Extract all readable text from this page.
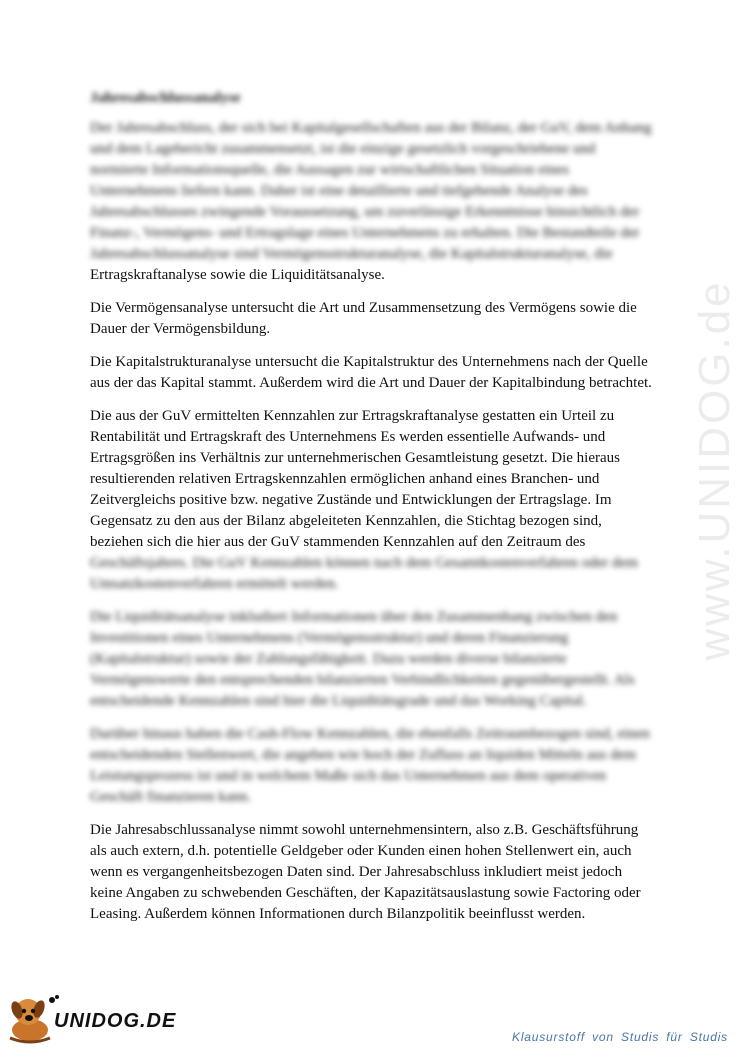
www.UNIDOG.de
Jahresabschlussanalyse
Der Jahresabschluss, der sich bei Kapitalgesellschaften aus der Bilanz, der GuV, dem Anhang und dem Lagebericht zusammensetzt, ist die einzige gesetzlich vorgeschriebene und normierte Informationsquelle, die Aussagen zur wirtschaftlichen Situation eines Unternehmens liefern kann. Daher ist eine detaillierte und tiefgehende Analyse des Jahresabschlusses zwingende Voraussetzung, um zuverlässige Erkenntnisse hinsichtlich der Finanz-, Vermögens- und Ertragslage eines Unternehmens zu erhalten. Die Bestandteile der Jahresabschlussanalyse sind Vermögensstrukturanalyse, die Kapitalstrukturanalyse, die
Ertragskraftanalyse sowie die Liquiditätsanalyse.
Die Vermögensanalyse untersucht die Art und Zusammensetzung des Vermögens sowie die Dauer der Vermögensbildung.
Die Kapitalstrukturanalyse untersucht die Kapitalstruktur des Unternehmens nach der Quelle aus der das Kapital stammt. Außerdem wird die Art und Dauer der Kapitalbindung betrachtet.
Die aus der GuV ermittelten Kennzahlen zur Ertragskraftanalyse gestatten ein Urteil zu Rentabilität und Ertragskraft des Unternehmens Es werden essentielle Aufwands- und Ertragsgrößen ins Verhältnis zur unternehmerischen Gesamtleistung gesetzt. Die hieraus resultierenden relativen Ertragskennzahlen ermöglichen anhand eines Branchen- und Zeitvergleichs positive bzw. negative Zustände und Entwicklungen der Ertragslage. Im Gegensatz zu den aus der Bilanz abgeleiteten Kennzahlen, die Stichtag bezogen sind, beziehen sich die hier aus der GuV stammenden Kennzahlen auf den Zeitraum des
Geschäftsjahres. Die GuV Kennzahlen können nach dem Gesamtkostenverfahren oder dem Umsatzkostenverfahren ermittelt werden.
Die Liquiditätsanalyse inkludiert Informationen über den Zusammenhang zwischen den Investitionen eines Unternehmens (Vermögensstruktur) und deren Finanzierung (Kapitalstruktur) sowie der Zahlungsfähigkeit. Dazu werden diverse bilanzierte Vermögenswerte den entsprechenden bilanzierten Verbindlichkeiten gegenübergestellt. Als entscheidende Kennzahlen sind hier die Liquiditätsgrade und das Working Capital.
Darüber hinaus haben die Cash-Flow Kennzahlen, die ebenfalls Zeitraumbezogen sind, einen entscheidenden Stellenwert, die angeben wie hoch der Zufluss an liquiden Mitteln aus dem Leistungsprozess ist und in welchem Maße sich das Unternehmen aus dem operativen Geschäft finanzieren kann.
Die Jahresabschlussanalyse nimmt sowohl unternehmensintern, also z.B. Geschäftsführung als auch extern, d.h. potentielle Geldgeber oder Kunden einen hohen Stellenwert ein, auch wenn es vergangenheitsbezogen Daten sind. Der Jahresabschluss inkludiert meist jedoch keine Angaben zu schwebenden Geschäften, der Kapazitätsauslastung sowie Factoring oder Leasing. Außerdem können Informationen durch Bilanzpolitik beeinflusst werden.
UNIDOG.DE
Klausurstoff von Studis für Studis
